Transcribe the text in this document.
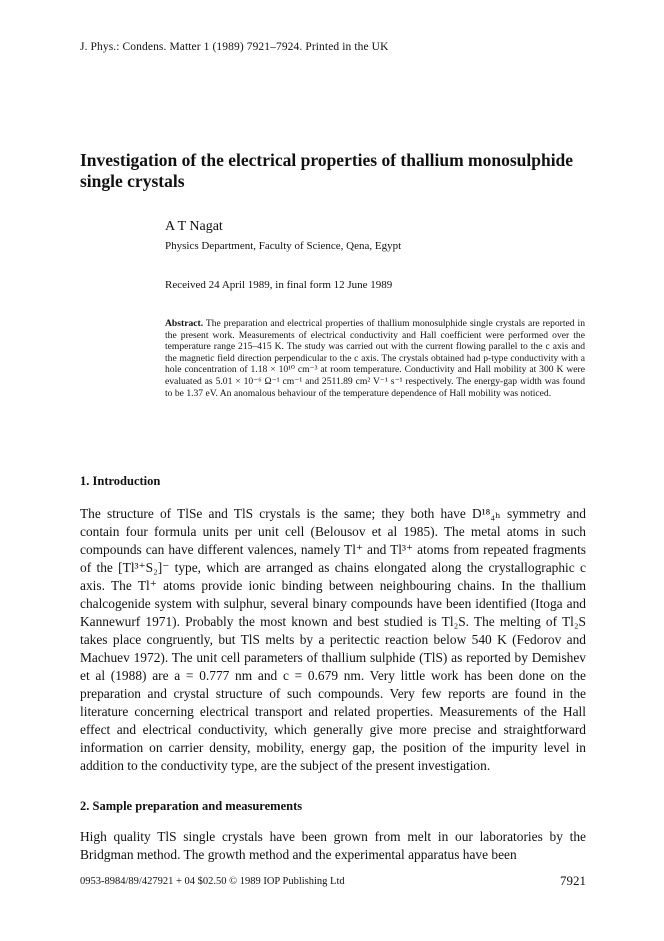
J. Phys.: Condens. Matter 1 (1989) 7921–7924. Printed in the UK
Investigation of the electrical properties of thallium monosulphide single crystals
A T Nagat
Physics Department, Faculty of Science, Qena, Egypt
Received 24 April 1989, in final form 12 June 1989
Abstract. The preparation and electrical properties of thallium monosulphide single crystals are reported in the present work. Measurements of electrical conductivity and Hall coefficient were performed over the temperature range 215–415 K. The study was carried out with the current flowing parallel to the c axis and the magnetic field direction perpendicular to the c axis. The crystals obtained had p-type conductivity with a hole concentration of 1.18 × 10¹⁰ cm⁻³ at room temperature. Conductivity and Hall mobility at 300 K were evaluated as 5.01 × 10⁻⁶ Ω⁻¹ cm⁻¹ and 2511.89 cm² V⁻¹ s⁻¹ respectively. The energy-gap width was found to be 1.37 eV. An anomalous behaviour of the temperature dependence of Hall mobility was noticed.
1. Introduction
The structure of TlSe and TlS crystals is the same; they both have D¹⁸₄ₕ symmetry and contain four formula units per unit cell (Belousov et al 1985). The metal atoms in such compounds can have different valences, namely Tl⁺ and Tl³⁺ atoms from repeated fragments of the [Tl³⁺S₂]⁻ type, which are arranged as chains elongated along the crystallographic c axis. The Tl⁺ atoms provide ionic binding between neighbouring chains. In the thallium chalcogenide system with sulphur, several binary compounds have been identified (Itoga and Kannewurf 1971). Probably the most known and best studied is Tl₂S. The melting of Tl₂S takes place congruently, but TlS melts by a peritectic reaction below 540 K (Fedorov and Machuev 1972). The unit cell parameters of thallium sulphide (TlS) as reported by Demishev et al (1988) are a = 0.777 nm and c = 0.679 nm. Very little work has been done on the preparation and crystal structure of such compounds. Very few reports are found in the literature concerning electrical transport and related properties. Measurements of the Hall effect and electrical conductivity, which generally give more precise and straightforward information on carrier density, mobility, energy gap, the position of the impurity level in addition to the conductivity type, are the subject of the present investigation.
2. Sample preparation and measurements
High quality TlS single crystals have been grown from melt in our laboratories by the Bridgman method. The growth method and the experimental apparatus have been
0953-8984/89/427921 + 04 $02.50 © 1989 IOP Publishing Ltd	7921
